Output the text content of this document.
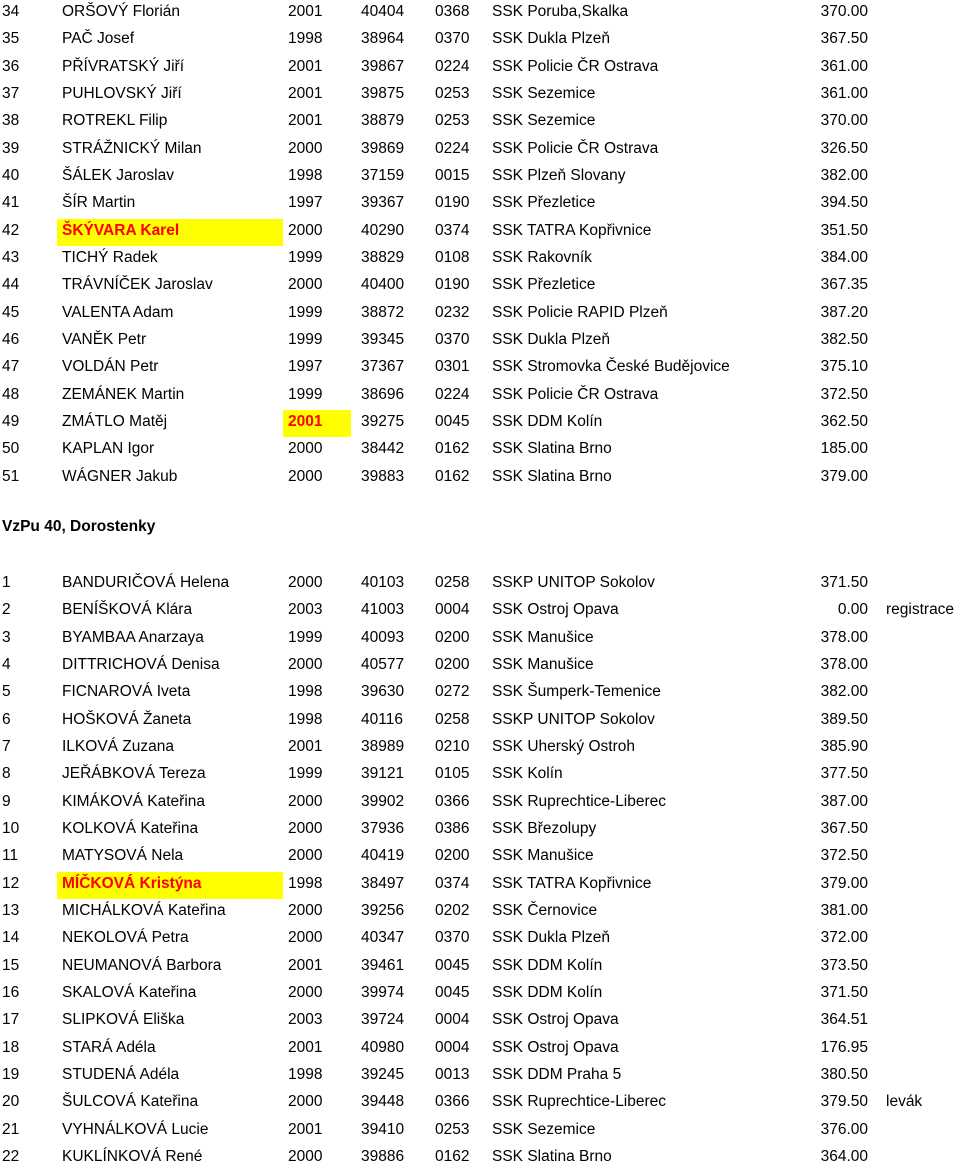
34	ORŠOVÝ Florián	2001 40404 0368 SSK Poruba,Skalka	370.00
35	PAČ Josef	1998 38964 0370 SSK Dukla Plzeň	367.50
36	PŘÍVRATSKÝ Jiří	2001 39867 0224 SSK Policie ČR Ostrava	361.00
37	PUHLOVSKÝ Jiří	2001 39875 0253 SSK Sezemice	361.00
38	ROTREKL Filip	2001 38879 0253 SSK Sezemice	370.00
39	STRÁŽNICKÝ Milan	2000 39869 0224 SSK Policie ČR Ostrava	326.50
40	ŠÁLEK Jaroslav	1998 37159 0015 SSK Plzeň Slovany	382.00
41	ŠÍR Martin	1997 39367 0190 SSK Přezletice	394.50
42	ŠKÝVARA Karel	2000 40290 0374 SSK TATRA Kopřivnice	351.50
43	TICHÝ Radek	1999 38829 0108 SSK Rakovník	384.00
44	TRÁVNÍČEK Jaroslav	2000 40400 0190 SSK Přezletice	367.35
45	VALENTA Adam	1999 38872 0232 SSK Policie RAPID Plzeň	387.20
46	VANĚK Petr	1999 39345 0370 SSK Dukla Plzeň	382.50
47	VOLDÁN Petr	1997 37367 0301 SSK Stromovka České Budějovice	375.10
48	ZEMÁNEK Martin	1999 38696 0224 SSK Policie ČR Ostrava	372.50
49	ZMÁTLO Matěj	2001	39275 0045 SSK DDM Kolín	362.50
50	KAPLAN Igor	2000 38442 0162 SSK Slatina Brno	185.00
51	WÁGNER Jakub	2000 39883 0162 SSK Slatina Brno	379.00
VzPu 40, Dorostenky
1	BANDURIČOVÁ Helena	2000 40103 0258 SSKP UNITOP Sokolov	371.50
2	BENÍŠKOVÁ Klára	2003 41003 0004 SSK Ostroj Opava	0.00 registrace
3	BYAMBAA Anarzaya	1999 40093 0200 SSK Manušice	378.00
4	DITTRICHOVÁ Denisa	2000 40577 0200 SSK Manušice	378.00
5	FICNAROVÁ Iveta	1998 39630 0272 SSK Šumperk-Temenice	382.00
6	HOŠKOVÁ Žaneta	1998 40116 0258 SSKP UNITOP Sokolov	389.50
7	ILKOVÁ Zuzana	2001 38989 0210 SSK Uherský Ostroh	385.90
8	JEŘÁBKOVÁ Tereza	1999 39121 0105 SSK Kolín	377.50
9	KIMÁKOVÁ Kateřina	2000 39902 0366 SSK Ruprechtice-Liberec	387.00
10	KOLKOVÁ Kateřina	2000 37936 0386 SSK Březolupy	367.50
11	MATYSOVÁ Nela	2000 40419 0200 SSK Manušice	372.50
12	MÍČKOVÁ Kristýna	1998 38497 0374 SSK TATRA Kopřivnice	379.00
13	MICHÁLKOVÁ Kateřina	2000 39256 0202 SSK Černovice	381.00
14	NEKOLOVÁ Petra	2000 40347 0370 SSK Dukla Plzeň	372.00
15	NEUMANOVÁ Barbora	2001 39461 0045 SSK DDM Kolín	373.50
16	SKALOVÁ Kateřina	2000 39974 0045 SSK DDM Kolín	371.50
17	SLIPKOVÁ Eliška	2003 39724 0004 SSK Ostroj Opava	364.51
18	STARÁ Adéla	2001 40980 0004 SSK Ostroj Opava	176.95
19	STUDENÁ Adéla	1998 39245 0013 SSK DDM Praha 5	380.50
20	ŠULCOVÁ Kateřina	2000 39448 0366 SSK Ruprechtice-Liberec	379.50 levák
21	VYHNÁLKOVÁ Lucie	2001 39410 0253 SSK Sezemice	376.00
22	KUKLÍNKOVÁ René	2000 39886 0162 SSK Slatina Brno	364.00
